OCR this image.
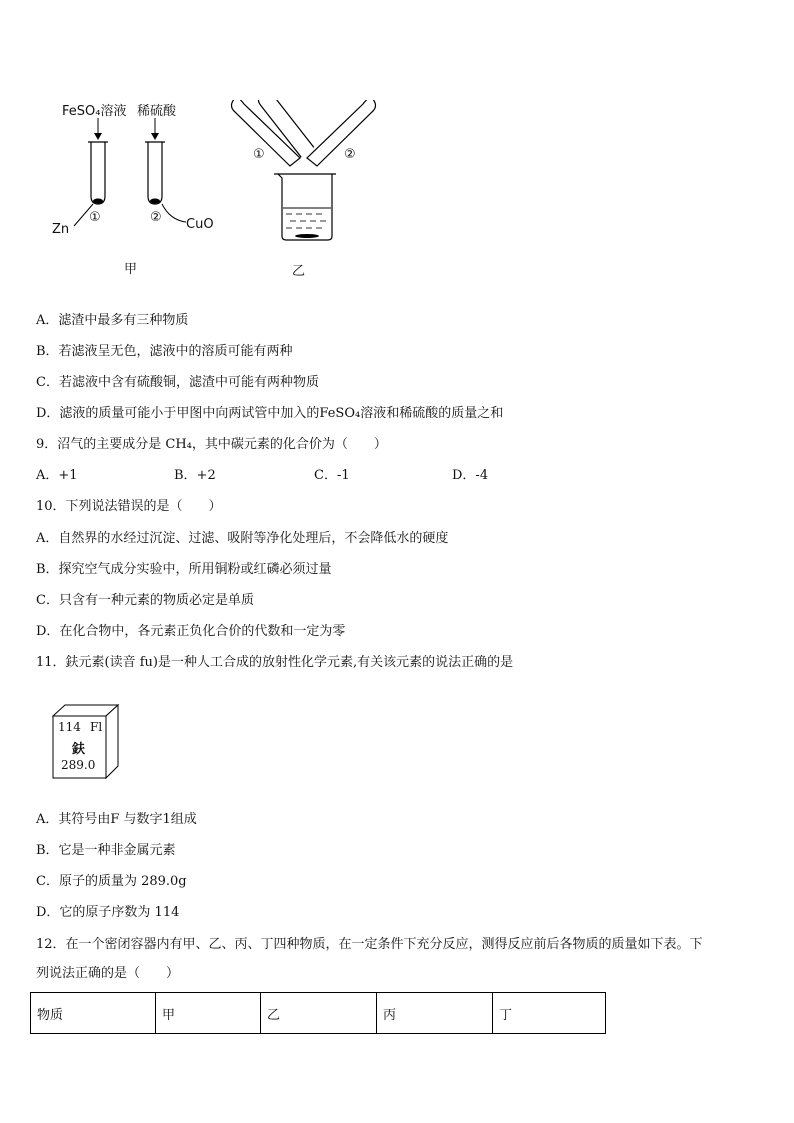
FeSO₄溶液 稀硫酸
①	②
Zn	CuO
甲
①	②
乙
A．滤渣中最多有三种物质
B．若滤液呈无色，滤液中的溶质可能有两种
C．若滤液中含有硫酸铜，滤渣中可能有两种物质
D．滤液的质量可能小于甲图中向两试管中加入的FeSO₄溶液和稀硫酸的质量之和
9．沼气的主要成分是 CH₄，其中碳元素的化合价为（　　）
A．+1	B．+2	C．-1	D．-4
10．下列说法错误的是（　　）
A．自然界的水经过沉淀、过滤、吸附等净化处理后，不会降低水的硬度
B．探究空气成分实验中，所用铜粉或红磷必须过量
C．只含有一种元素的物质必定是单质
D．在化合物中，各元素正负化合价的代数和一定为零
11．鈇元素(读音 fu)是一种人工合成的放射性化学元素,有关该元素的说法正确的是
114 Fl
鈇
289.0
A．其符号由F 与数字1组成
B．它是一种非金属元素
C．原子的质量为 289.0g
D．它的原子序数为 114
12．在一个密闭容器内有甲、乙、丙、丁四种物质，在一定条件下充分反应，测得反应前后各物质的质量如下表。下
列说法正确的是（　　）
物质	甲	乙	丙	丁
